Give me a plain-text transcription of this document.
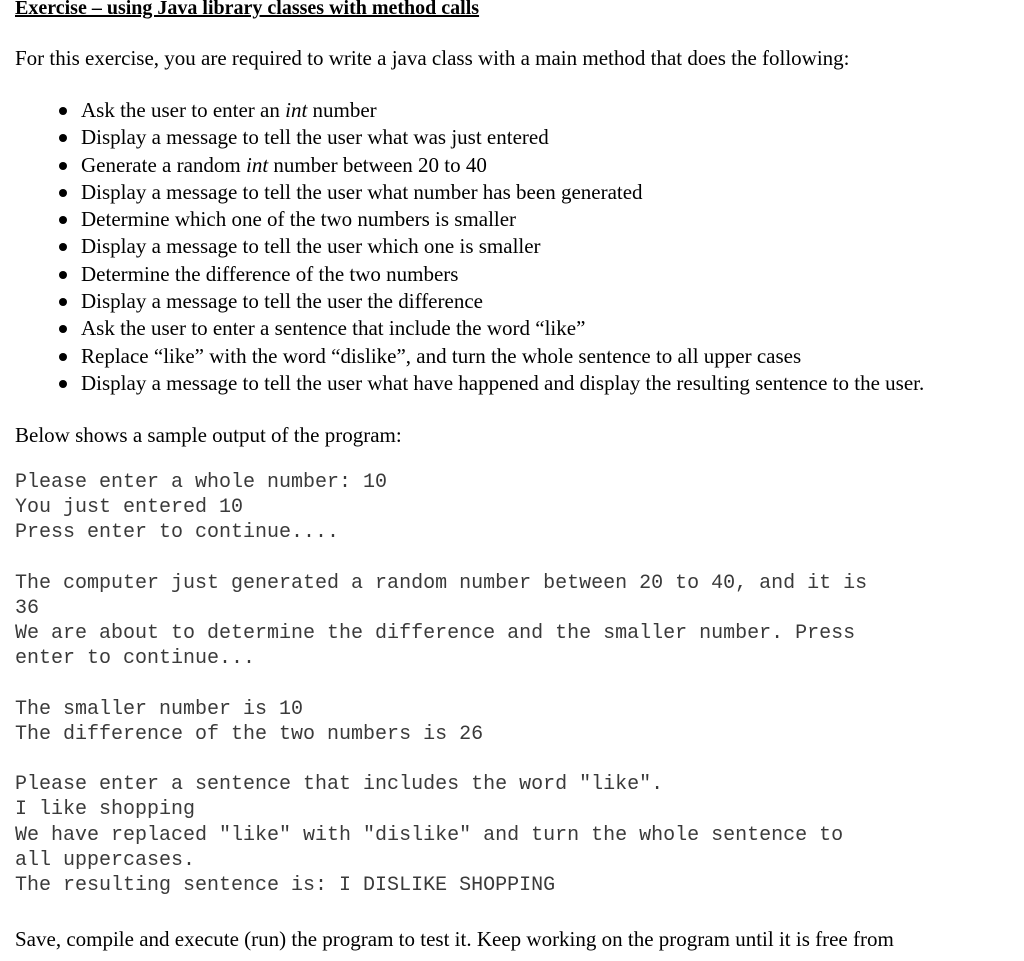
Exercise – using Java library classes with method calls

For this exercise, you are required to write a java class with a main method that does the following:

Ask the user to enter an int number
Display a message to tell the user what was just entered
Generate a random int number between 20 to 40
Display a message to tell the user what number has been generated
Determine which one of the two numbers is smaller
Display a message to tell the user which one is smaller
Determine the difference of the two numbers
Display a message to tell the user the difference
Ask the user to enter a sentence that include the word “like”
Replace “like” with the word “dislike”, and turn the whole sentence to all upper cases
Display a message to tell the user what have happened and display the resulting sentence to the user.

Below shows a sample output of the program:

Please enter a whole number: 10
You just entered 10
Press enter to continue....
The computer just generated a random number between 20 to 40, and it is
36
We are about to determine the difference and the smaller number. Press
enter to continue...
The smaller number is 10
The difference of the two numbers is 26
Please enter a sentence that includes the word "like".
I like shopping
We have replaced "like" with "dislike" and turn the whole sentence to
all uppercases.
The resulting sentence is: I DISLIKE SHOPPING

Save, compile and execute (run) the program to test it. Keep working on the program until it is free from
